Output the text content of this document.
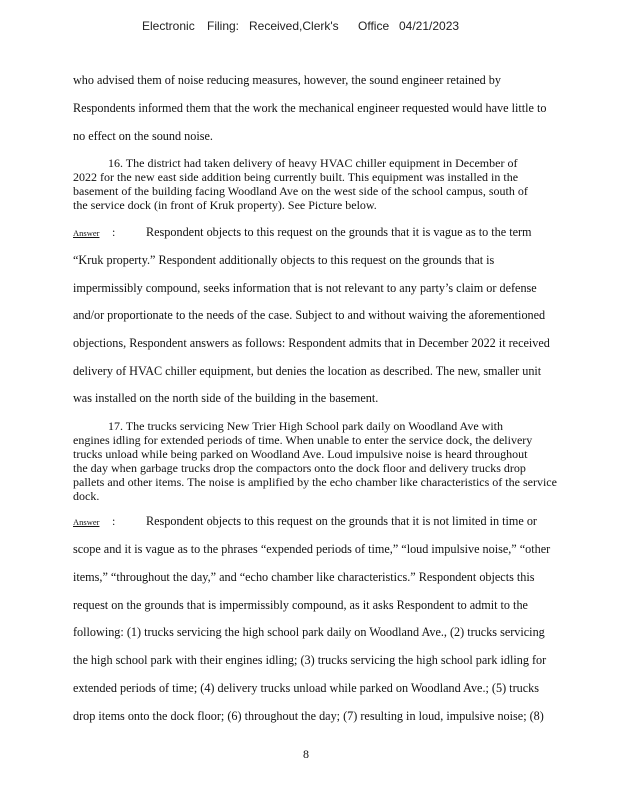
Electronic Filing: Received,Clerk's Office 04/21/2023
who advised them of noise reducing measures, however, the sound engineer retained by
Respondents informed them that the work the mechanical engineer requested would have little to
no effect on the sound noise.
16. The district had taken delivery of heavy HVAC chiller equipment in December of
2022 for the new east side addition being currently built. This equipment was installed in the
basement of the building facing Woodland Ave on the west side of the school campus, south of
the service dock (in front of Kruk property). See Picture below.
Answer :	Respondent objects to this request on the grounds that it is vague as to the term
“Kruk property.” Respondent additionally objects to this request on the grounds that is
impermissibly compound, seeks information that is not relevant to any party’s claim or defense
and/or proportionate to the needs of the case. Subject to and without waiving the aforementioned
objections, Respondent answers as follows: Respondent admits that in December 2022 it received
delivery of HVAC chiller equipment, but denies the location as described. The new, smaller unit
was installed on the north side of the building in the basement.
17. The trucks servicing New Trier High School park daily on Woodland Ave with
engines idling for extended periods of time. When unable to enter the service dock, the delivery
trucks unload while being parked on Woodland Ave. Loud impulsive noise is heard throughout
the day when garbage trucks drop the compactors onto the dock floor and delivery trucks drop
pallets and other items. The noise is amplified by the echo chamber like characteristics of the service
dock.
Answer :	Respondent objects to this request on the grounds that it is not limited in time or
scope and it is vague as to the phrases “expended periods of time,” “loud impulsive noise,” “other
items,” “throughout the day,” and “echo chamber like characteristics.” Respondent objects this
request on the grounds that is impermissibly compound, as it asks Respondent to admit to the
following: (1) trucks servicing the high school park daily on Woodland Ave., (2) trucks servicing
the high school park with their engines idling; (3) trucks servicing the high school park idling for
extended periods of time; (4) delivery trucks unload while parked on Woodland Ave.; (5) trucks
drop items onto the dock floor; (6) throughout the day; (7) resulting in loud, impulsive noise; (8)
8
